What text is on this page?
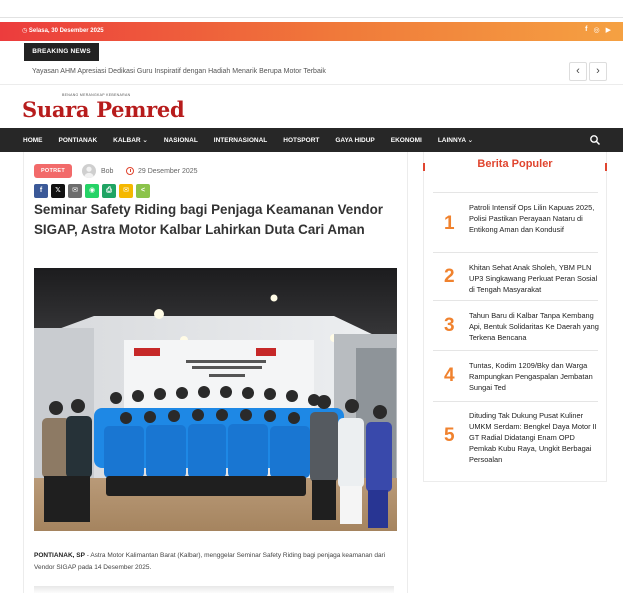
◷ Selasa, 30 Desember 2025	f ◎ ▶
BREAKING NEWS
Yayasan AHM Apresiasi Dedikasi Guru Inspiratif dengan Hadiah Menarik Berupa Motor Terbaik	‹	›
BENANG MERANGKAP KEBENARAN
Suara Pemred
HOME PONTIANAK KALBAR ⌄ NASIONAL INTERNASIONAL HOTSPORT GAYA HIDUP EKONOMI LAINNYA ⌄
POTRET	Bob	29 Desember 2025
f	𝕏	✉	◉	⎙	✉	<
Seminar Safety Riding bagi Penjaga Keamanan Vendor SIGAP, Astra Motor Kalbar Lahirkan Duta Cari Aman
PONTIANAK, SP - Astra Motor Kalimantan Barat (Kalbar), menggelar Seminar Safety Riding bagi penjaga keamanan dari Vendor SIGAP pada 14 Desember 2025.
Berita Populer
1
Patroli Intensif Ops Lilin Kapuas 2025, Polisi Pastikan Perayaan Nataru di Entikong Aman dan Kondusif
2 Khitan Sehat Anak Sholeh, YBM PLN UP3 Singkawang Perkuat Peran Sosial di Tengah Masyarakat
3 Tahun Baru di Kalbar Tanpa Kembang Api, Bentuk Solidaritas Ke Daerah yang Terkena Bencana
4 Tuntas, Kodim 1209/Bky dan Warga Rampungkan Pengaspalan Jembatan Sungai Ted
5
Dituding Tak Dukung Pusat Kuliner UMKM Serdam: Bengkel Daya Motor II GT Radial Didatangi Enam OPD Pemkab Kubu Raya, Ungkit Berbagai Persoalan
